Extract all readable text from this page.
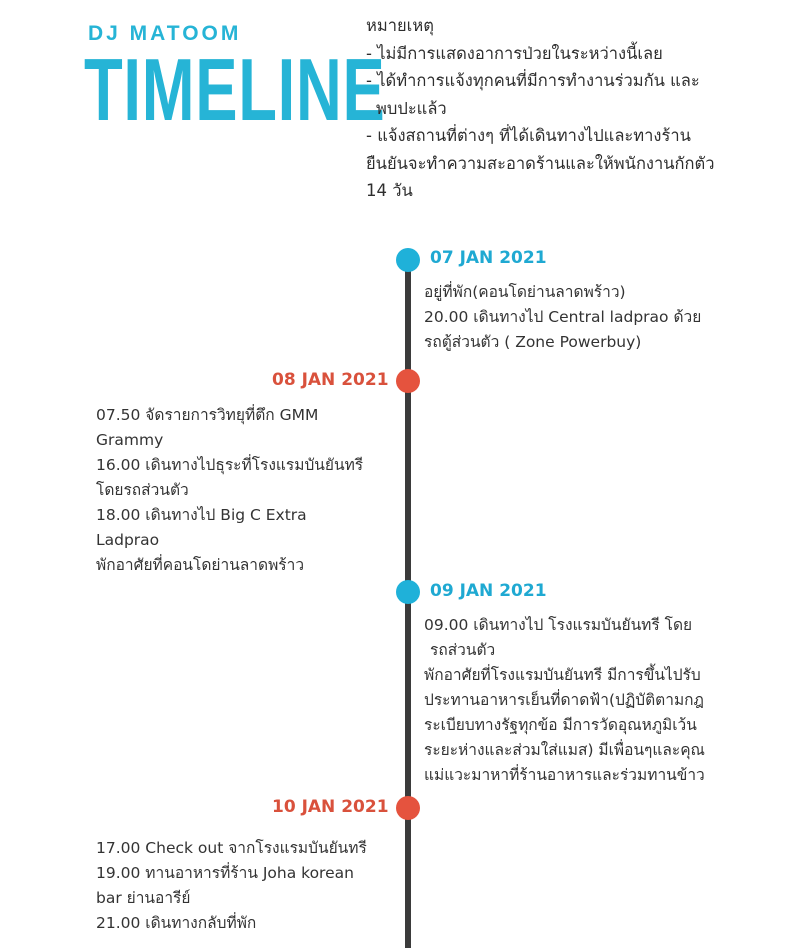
DJ MATOOM
TIMELINE
หมายเหตุ
- ไม่มีการแสดงอาการป่วยในระหว่างนี้เลย
- ได้ทำการแจ้งทุกคนที่มีการทำงานร่วมกัน และ
พบปะแล้ว
- แจ้งสถานที่ต่างๆ ที่ได้เดินทางไปและทางร้าน
ยืนยันจะทำความสะอาดร้านและให้พนักงานกักตัว
14 วัน
07 JAN 2021
อยู่ที่พัก(คอนโดย่านลาดพร้าว)
20.00 เดินทางไป Central ladprao ด้วย
รถตู้ส่วนตัว ( Zone Powerbuy)
08 JAN 2021
07.50 จัดรายการวิทยุที่ตึก GMM
Grammy
16.00 เดินทางไปธุระที่โรงแรมบันยันทรี
โดยรถส่วนตัว
18.00 เดินทางไป Big C Extra
Ladprao
พักอาศัยที่คอนโดย่านลาดพร้าว
09 JAN 2021
09.00 เดินทางไป โรงแรมบันยันทรี โดย
รถส่วนตัว
พักอาศัยที่โรงแรมบันยันทรี มีการขึ้นไปรับ
ประทานอาหารเย็นที่ดาดฟ้า(ปฏิบัติตามกฎ
ระเบียบทางรัฐทุกข้อ มีการวัดอุณหภูมิเว้น
ระยะห่างและส่วมใส่แมส) มีเพื่อนๆและคุณ
แม่แวะมาหาที่ร้านอาหารและร่วมทานข้าว
10 JAN 2021
17.00 Check out จากโรงแรมบันยันทรี
19.00 ทานอาหารที่ร้าน Joha korean
bar ย่านอารีย์
21.00 เดินทางกลับที่พัก
